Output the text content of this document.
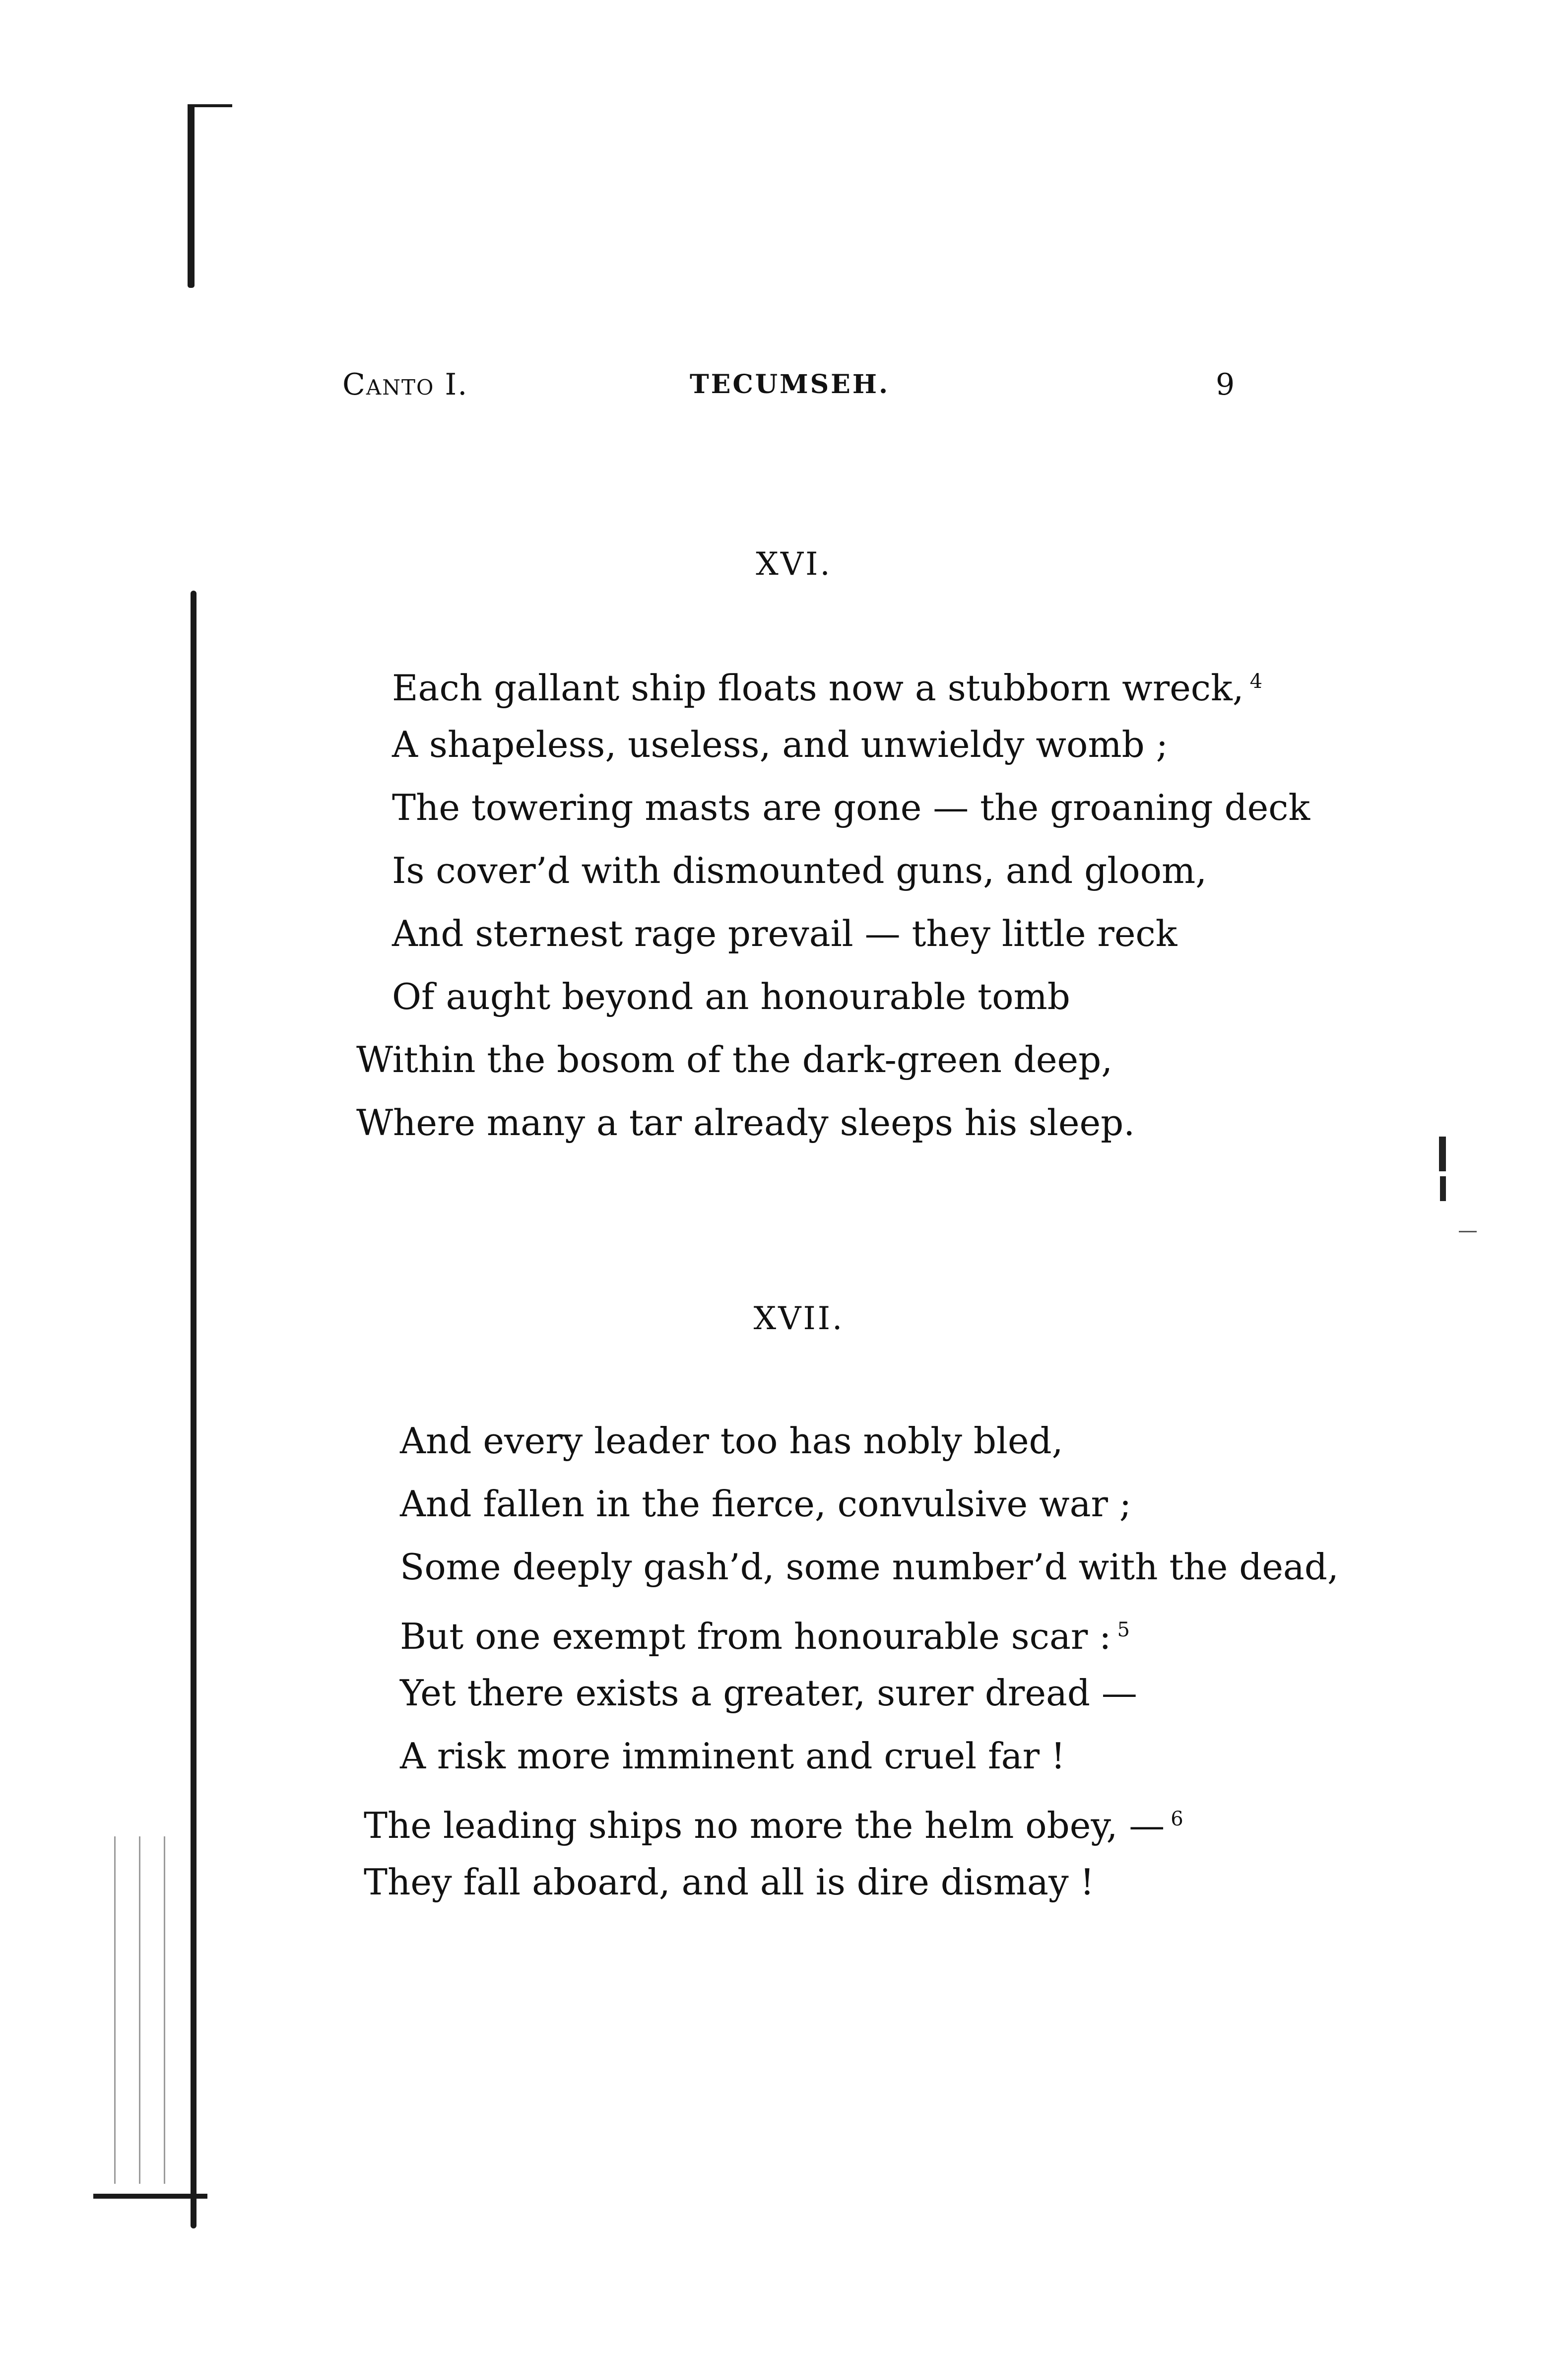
Canto I.	TECUMSEH.	9
XVI.
Each gallant ship floats now a stubborn wreck, $^4$
A shapeless, useless, and unwieldy womb ;
The towering masts are gone — the groaning deck
Is cover’d with dismounted guns, and gloom,
And sternest rage prevail — they little reck
Of aught beyond an honourable tomb
Within the bosom of the dark-green deep,
Where many a tar already sleeps his sleep.
XVII.
And every leader too has nobly bled,
And fallen in the fierce, convulsive war ;
Some deeply gash’d, some number’d with the dead,
But one exempt from honourable scar : $^5$
Yet there exists a greater, surer dread —
A risk more imminent and cruel far !
The leading ships no more the helm obey, — $^6$
They fall aboard, and all is dire dismay !
